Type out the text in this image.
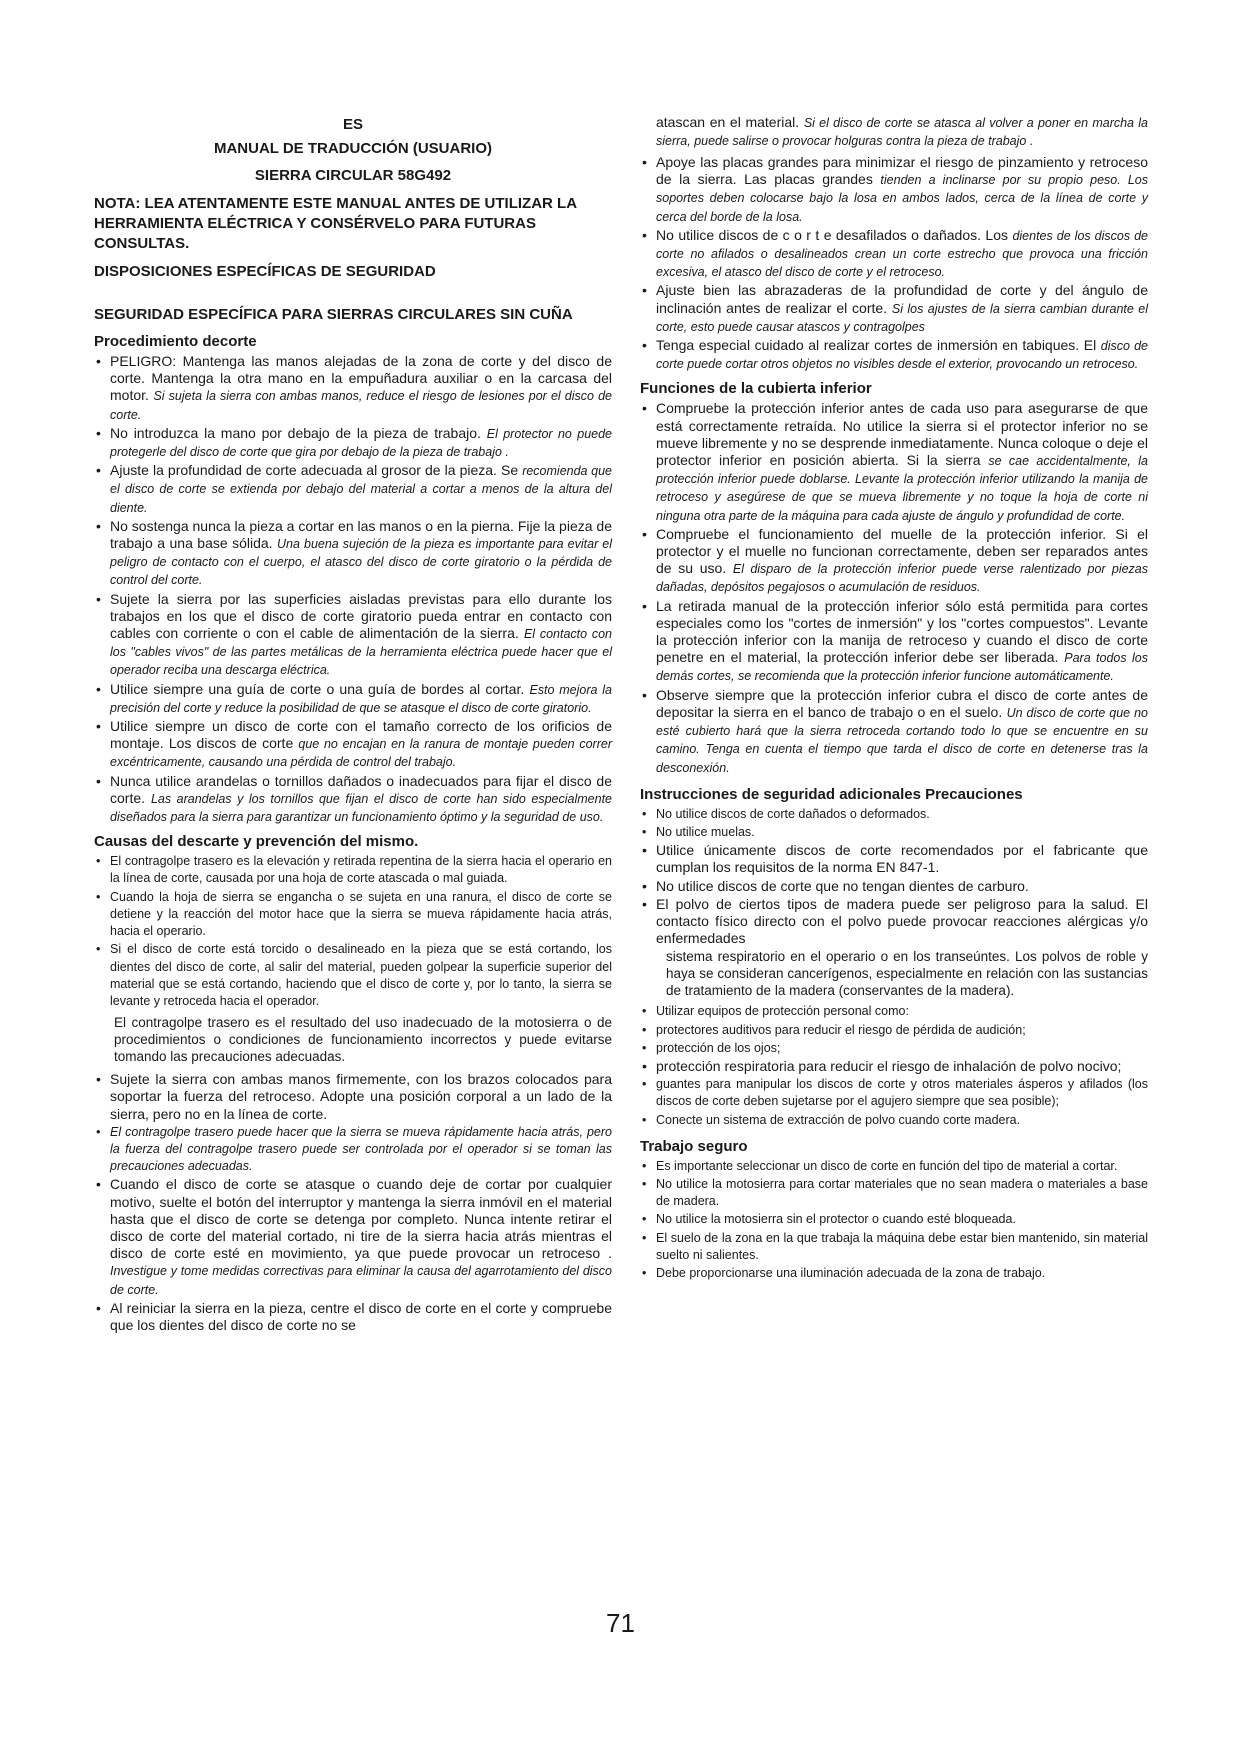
ES
MANUAL DE TRADUCCIÓN (USUARIO)
SIERRA CIRCULAR 58G492
NOTA: LEA ATENTAMENTE ESTE MANUAL ANTES DE UTILIZAR LA HERRAMIENTA ELÉCTRICA Y CONSÉRVELO PARA FUTURAS CONSULTAS.
DISPOSICIONES ESPECÍFICAS DE SEGURIDAD
SEGURIDAD ESPECÍFICA PARA SIERRAS CIRCULARES SIN CUÑA
Procedimiento decorte
• PELIGRO: Mantenga las manos alejadas de la zona de corte y del disco de corte. Mantenga la otra mano en la empuñadura auxiliar o en la carcasa del motor. Si sujeta la sierra con ambas manos, reduce el riesgo de lesiones por el disco de corte.
• No introduzca la mano por debajo de la pieza de trabajo. El protector no puede protegerle del disco de corte que gira por debajo de la pieza de trabajo .
• Ajuste la profundidad de corte adecuada al grosor de la pieza. Se recomienda que el disco de corte se extienda por debajo del material a cortar a menos de la altura del diente.
• No sostenga nunca la pieza a cortar en las manos o en la pierna. Fije la pieza de trabajo a una base sólida. Una buena sujeción de la pieza es importante para evitar el peligro de contacto con el cuerpo, el atasco del disco de corte giratorio o la pérdida de control del corte.
• Sujete la sierra por las superficies aisladas previstas para ello durante los trabajos en los que el disco de corte giratorio pueda entrar en contacto con cables con corriente o con el cable de alimentación de la sierra. El contacto con los "cables vivos" de las partes metálicas de la herramienta eléctrica puede hacer que el operador reciba una descarga eléctrica.
• Utilice siempre una guía de corte o una guía de bordes al cortar. Esto mejora la precisión del corte y reduce la posibilidad de que se atasque el disco de corte giratorio.
• Utilice siempre un disco de corte con el tamaño correcto de los orificios de montaje. Los discos de corte que no encajan en la ranura de montaje pueden correr excéntricamente, causando una pérdida de control del trabajo.
• Nunca utilice arandelas o tornillos dañados o inadecuados para fijar el disco de corte. Las arandelas y los tornillos que fijan el disco de corte han sido especialmente diseñados para la sierra para garantizar un funcionamiento óptimo y la seguridad de uso.
Causas del descarte y prevención del mismo.
• El contragolpe trasero es la elevación y retirada repentina de la sierra hacia el operario en la línea de corte, causada por una hoja de corte atascada o mal guiada.
• Cuando la hoja de sierra se engancha o se sujeta en una ranura, el disco de corte se detiene y la reacción del motor hace que la sierra se mueva rápidamente hacia atrás, hacia el operario.
• Si el disco de corte está torcido o desalineado en la pieza que se está cortando, los dientes del disco de corte, al salir del material, pueden golpear la superficie superior del material que se está cortando, haciendo que el disco de corte y, por lo tanto, la sierra se levante y retroceda hacia el operador.

El contragolpe trasero es el resultado del uso inadecuado de la motosierra o de procedimientos o condiciones de funcionamiento incorrectos y puede evitarse tomando las precauciones adecuadas.

• Sujete la sierra con ambas manos firmemente, con los brazos colocados para soportar la fuerza del retroceso. Adopte una posición corporal a un lado de la sierra, pero no en la línea de corte.
• El contragolpe trasero puede hacer que la sierra se mueva rápidamente hacia atrás, pero la fuerza del contragolpe trasero puede ser controlada por el operador si se toman las precauciones adecuadas.
• Cuando el disco de corte se atasque o cuando deje de cortar por cualquier motivo, suelte el botón del interruptor y mantenga la sierra inmóvil en el material hasta que el disco de corte se detenga por completo. Nunca intente retirar el disco de corte del material cortado, ni tire de la sierra hacia atrás mientras el disco de corte esté en movimiento, ya que puede provocar un retroceso . Investigue y tome medidas correctivas para eliminar la causa del agarrotamiento del disco de corte.
• Al reiniciar la sierra en la pieza, centre el disco de corte en el corte y compruebe que los dientes del disco de corte no se

atascan en el material. Si el disco de corte se atasca al volver a poner en marcha la sierra, puede salirse o provocar holguras contra la pieza de trabajo .

• Apoye las placas grandes para minimizar el riesgo de pinzamiento y retroceso de la sierra. Las placas grandes tienden a inclinarse por su propio peso. Los soportes deben colocarse bajo la losa en ambos lados, cerca de la línea de corte y cerca del borde de la losa.
• No utilice discos de c o r t e desafilados o dañados. Los dientes de los discos de corte no afilados o desalineados crean un corte estrecho que provoca una fricción excesiva, el atasco del disco de corte y el retroceso.
• Ajuste bien las abrazaderas de la profundidad de corte y del ángulo de inclinación antes de realizar el corte. Si los ajustes de la sierra cambian durante el corte, esto puede causar atascos y contragolpes
• Tenga especial cuidado al realizar cortes de inmersión en tabiques. El disco de corte puede cortar otros objetos no visibles desde el exterior, provocando un retroceso.
Funciones de la cubierta inferior
• Compruebe la protección inferior antes de cada uso para asegurarse de que está correctamente retraída. No utilice la sierra si el protector inferior no se mueve libremente y no se desprende inmediatamente. Nunca coloque o deje el protector inferior en posición abierta. Si la sierra se cae accidentalmente, la protección inferior puede doblarse. Levante la protección inferior utilizando la manija de retroceso y asegúrese de que se mueva libremente y no toque la hoja de corte ni ninguna otra parte de la máquina para cada ajuste de ángulo y profundidad de corte.
• Compruebe el funcionamiento del muelle de la protección inferior. Si el protector y el muelle no funcionan correctamente, deben ser reparados antes de su uso. El disparo de la protección inferior puede verse ralentizado por piezas dañadas, depósitos pegajosos o acumulación de residuos.
• La retirada manual de la protección inferior sólo está permitida para cortes especiales como los "cortes de inmersión" y los "cortes compuestos". Levante la protección inferior con la manija de retroceso y cuando el disco de corte penetre en el material, la protección inferior debe ser liberada. Para todos los demás cortes, se recomienda que la protección inferior funcione automáticamente.
• Observe siempre que la protección inferior cubra el disco de corte antes de depositar la sierra en el banco de trabajo o en el suelo. Un disco de corte que no esté cubierto hará que la sierra retroceda cortando todo lo que se encuentre en su camino. Tenga en cuenta el tiempo que tarda el disco de corte en detenerse tras la desconexión.
Instrucciones de seguridad adicionales Precauciones
• No utilice discos de corte dañados o deformados.
• No utilice muelas.
• Utilice únicamente discos de corte recomendados por el fabricante que cumplan los requisitos de la norma EN 847-1.
• No utilice discos de corte que no tengan dientes de carburo.
• El polvo de ciertos tipos de madera puede ser peligroso para la salud. El contacto físico directo con el polvo puede provocar reacciones alérgicas y/o enfermedades

sistema respiratorio en el operario o en los transeúntes. Los polvos de roble y haya se consideran cancerígenos, especialmente en relación con las sustancias de tratamiento de la madera (conservantes de la madera).

• Utilizar equipos de protección personal como:
• protectores auditivos para reducir el riesgo de pérdida de audición;
• protección de los ojos;
• protección respiratoria para reducir el riesgo de inhalación de polvo nocivo;
• guantes para manipular los discos de corte y otros materiales ásperos y afilados (los discos de corte deben sujetarse por el agujero siempre que sea posible);
• Conecte un sistema de extracción de polvo cuando corte madera.
Trabajo seguro
• Es importante seleccionar un disco de corte en función del tipo de material a cortar.
• No utilice la motosierra para cortar materiales que no sean madera o materiales a base de madera.
• No utilice la motosierra sin el protector o cuando esté bloqueada.
• El suelo de la zona en la que trabaja la máquina debe estar bien mantenido, sin material suelto ni salientes.
• Debe proporcionarse una iluminación adecuada de la zona de trabajo.
71
